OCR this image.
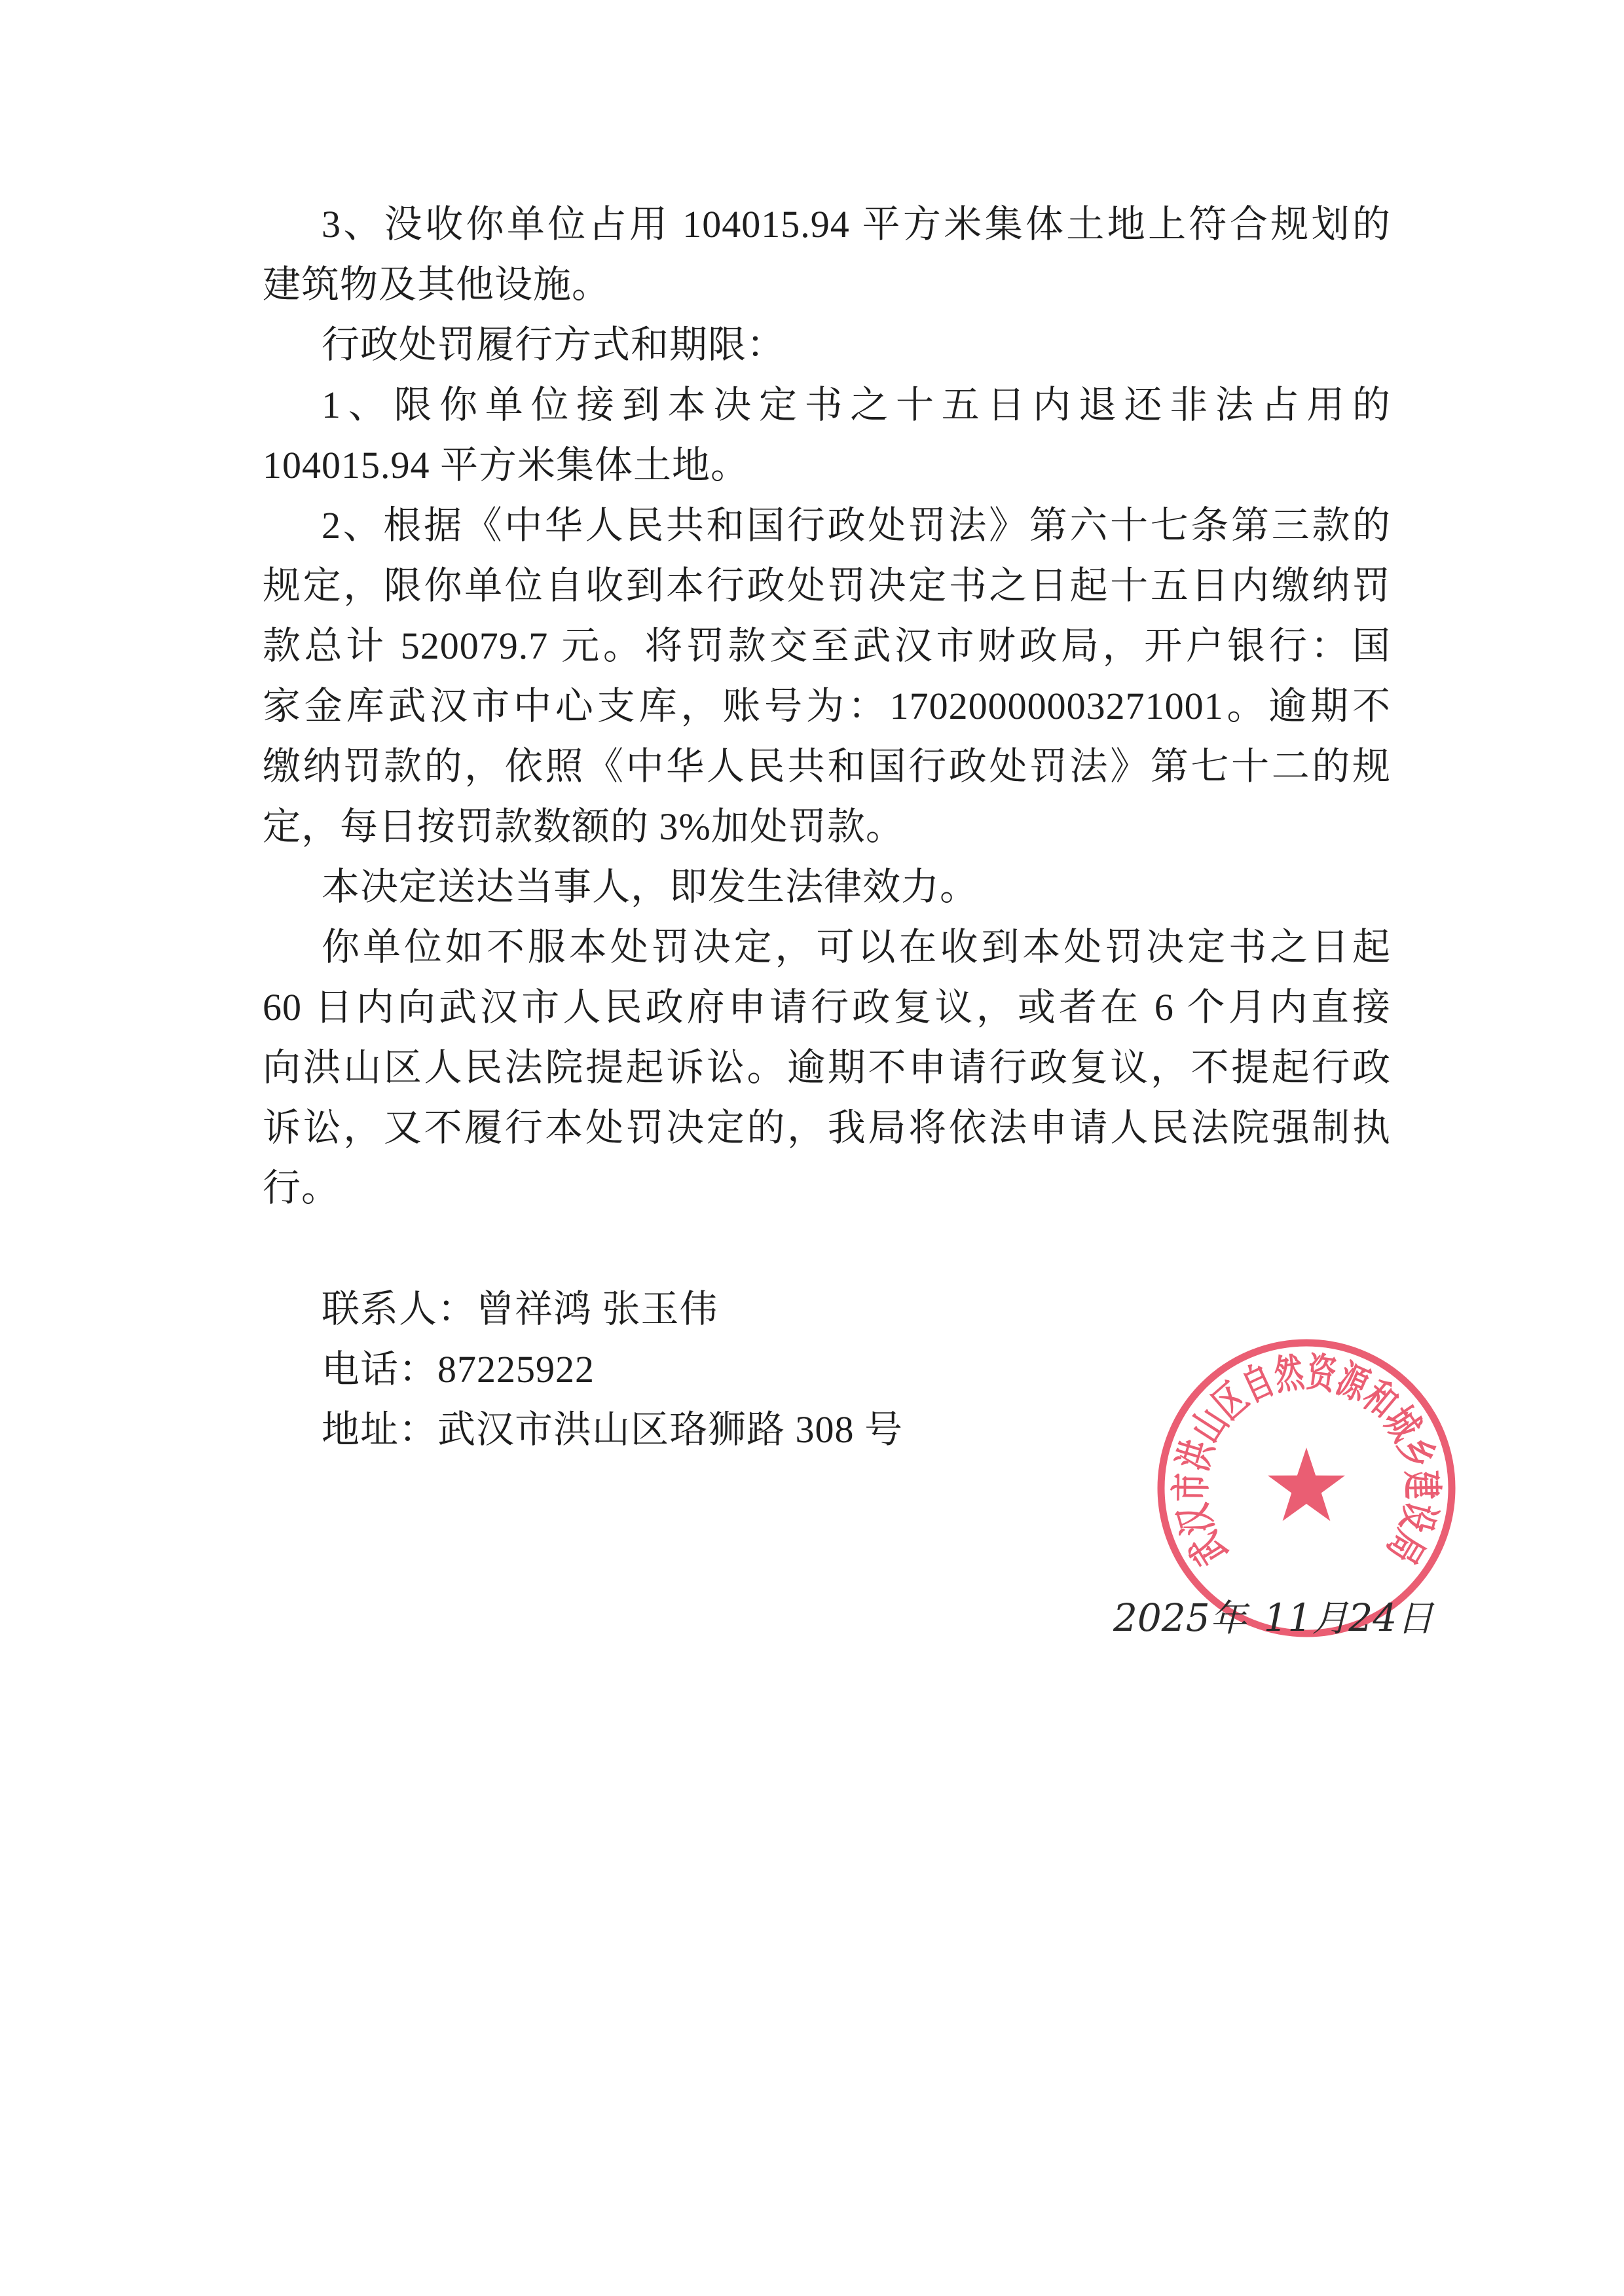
3、没收你单位占用 104015.94 平方米集体土地上符合规划的
建筑物及其他设施。
行政处罚履行方式和期限：
1、限你单位接到本决定书之十五日内退还非法占用的
104015.94 平方米集体土地。
2、根据《中华人民共和国行政处罚法》第六十七条第三款的
规定，限你单位自收到本行政处罚决定书之日起十五日内缴纳罚
款总计 520079.7 元。将罚款交至武汉市财政局，开户银行：国
家金库武汉市中心支库，账号为：17020000003271001。逾期不
缴纳罚款的，依照《中华人民共和国行政处罚法》第七十二的规
定，每日按罚款数额的 3%加处罚款。
本决定送达当事人，即发生法律效力。
你单位如不服本处罚决定，可以在收到本处罚决定书之日起
60 日内向武汉市人民政府申请行政复议，或者在 6 个月内直接
向洪山区人民法院提起诉讼。逾期不申请行政复议，不提起行政
诉讼，又不履行本处罚决定的，我局将依法申请人民法院强制执
行。
联系人：曾祥鸿 张玉伟
电话：87225922
地址：武汉市洪山区珞狮路 308 号
武汉市洪山区自然资源和城乡建设局
2025 年 11 月 24 日
